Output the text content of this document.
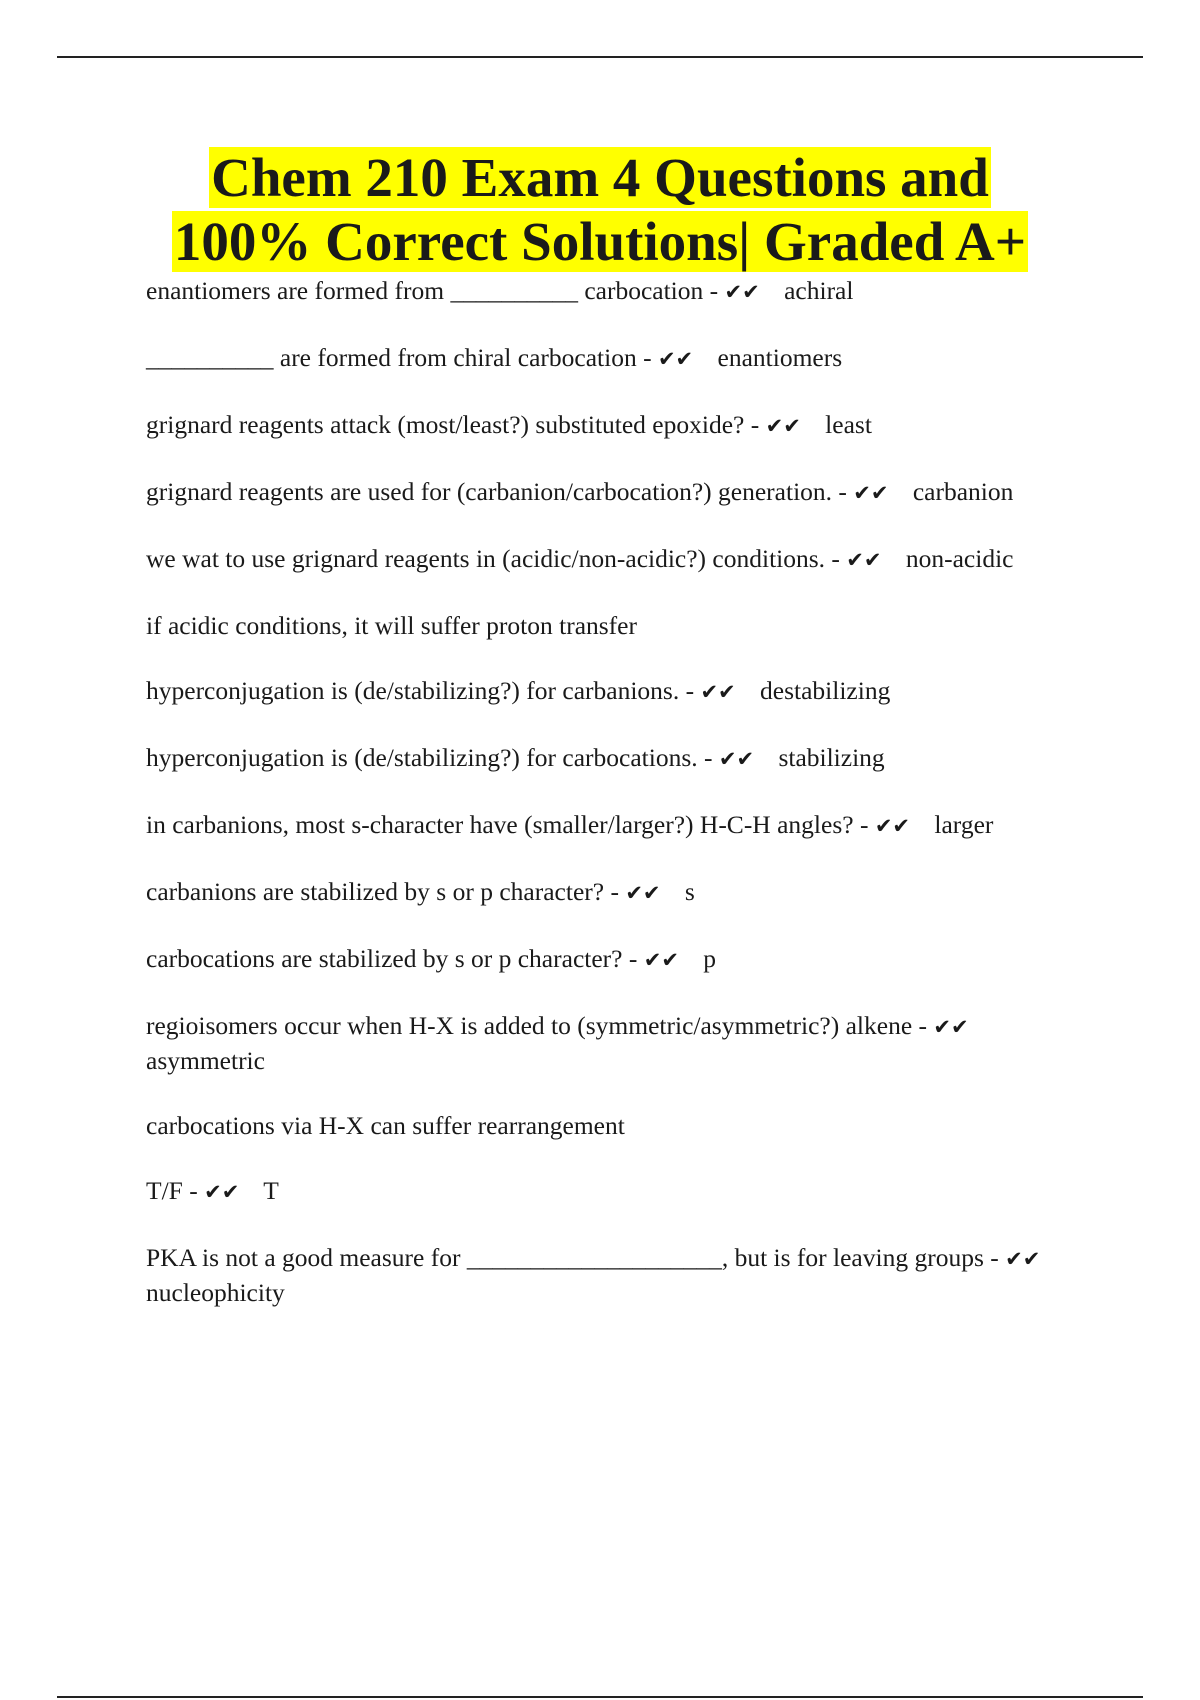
Chem 210 Exam 4 Questions and
100% Correct Solutions| Graded A+
enantiomers are formed from __________ carbocation - ✔✔ achiral
__________ are formed from chiral carbocation - ✔✔ enantiomers
grignard reagents attack (most/least?) substituted epoxide? - ✔✔ least
grignard reagents are used for (carbanion/carbocation?) generation. - ✔✔ carbanion
we wat to use grignard reagents in (acidic/non-acidic?) conditions. - ✔✔ non-acidic
if acidic conditions, it will suffer proton transfer
hyperconjugation is (de/stabilizing?) for carbanions. - ✔✔ destabilizing
hyperconjugation is (de/stabilizing?) for carbocations. - ✔✔ stabilizing
in carbanions, most s-character have (smaller/larger?) H-C-H angles? - ✔✔ larger
carbanions are stabilized by s or p character? - ✔✔ s
carbocations are stabilized by s or p character? - ✔✔ p
regioisomers occur when H-X is added to (symmetric/asymmetric?) alkene - ✔✔ asymmetric
carbocations via H-X can suffer rearrangement
T/F - ✔✔ T
PKA is not a good measure for ____________________, but is for leaving groups - ✔✔ nucleophicity
